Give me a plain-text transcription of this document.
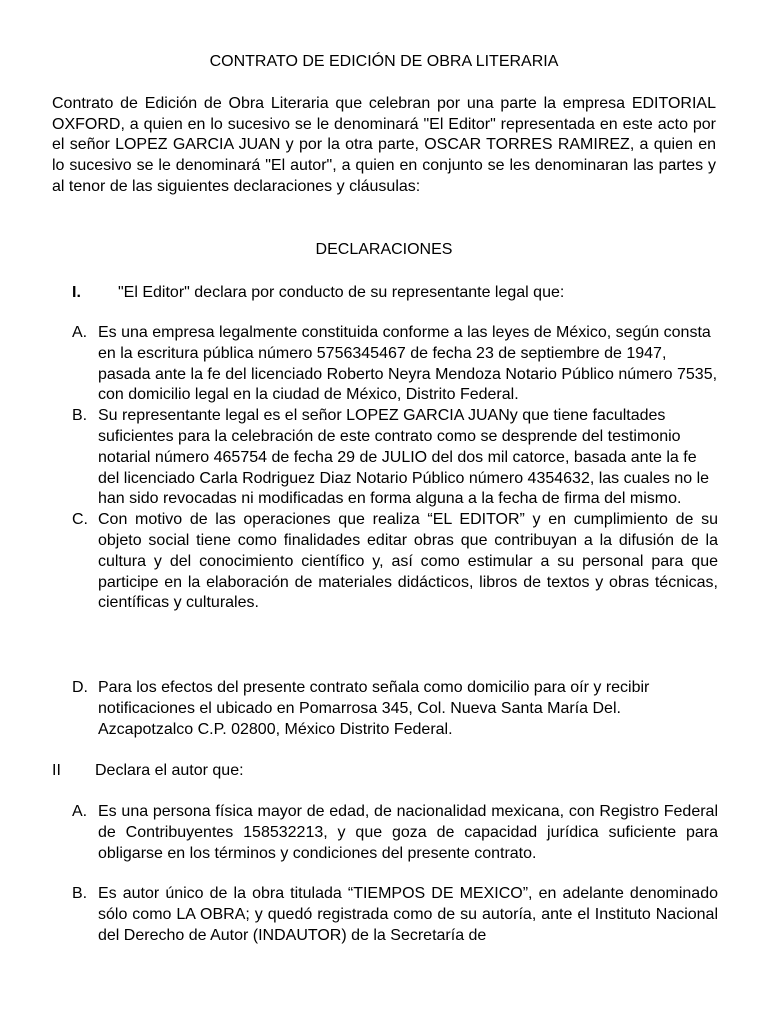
CONTRATO DE EDICIÓN DE OBRA LITERARIA

Contrato de Edición de Obra Literaria que celebran por una parte la empresa EDITORIAL OXFORD, a quien en lo sucesivo se le denominará "El Editor" representada en este acto por el señor LOPEZ GARCIA JUAN y por la otra parte, OSCAR TORRES RAMIREZ, a quien en lo sucesivo se le denominará "El autor", a quien en conjunto se les denominaran las partes y al tenor de las siguientes declaraciones y cláusulas:

DECLARACIONES
I. "El Editor" declara por conducto de su representante legal que:
A. Es una empresa legalmente constituida conforme a las leyes de México, según consta en la escritura pública número 5756345467 de fecha 23 de septiembre de 1947, pasada ante la fe del licenciado Roberto Neyra Mendoza Notario Público número 7535, con domicilio legal en la ciudad de México, Distrito Federal.
B. Su representante legal es el señor LOPEZ GARCIA JUANy que tiene facultades suficientes para la celebración de este contrato como se desprende del testimonio notarial número 465754 de fecha 29 de JULIO del dos mil catorce, basada ante la fe del licenciado Carla Rodriguez Diaz Notario Público número 4354632, las cuales no le han sido revocadas ni modificadas en forma alguna a la fecha de firma del mismo.
C. Con motivo de las operaciones que realiza “EL EDITOR” y en cumplimiento de su objeto social tiene como finalidades editar obras que contribuyan a la difusión de la cultura y del conocimiento científico y, así como estimular a su personal para que participe en la elaboración de materiales didácticos, libros de textos y obras técnicas, científicas y culturales.
D. Para los efectos del presente contrato señala como domicilio para oír y recibir notificaciones el ubicado en Pomarrosa 345, Col. Nueva Santa María Del. Azcapotzalco C.P. 02800, México Distrito Federal.
II Declara el autor que:
A. Es una persona física mayor de edad, de nacionalidad mexicana, con Registro Federal de Contribuyentes 158532213, y que goza de capacidad jurídica suficiente para obligarse en los términos y condiciones del presente contrato.
B. Es autor único de la obra titulada “TIEMPOS DE MEXICO”, en adelante denominado sólo como LA OBRA; y quedó registrada como de su autoría, ante el Instituto Nacional del Derecho de Autor (INDAUTOR) de la Secretaría de
